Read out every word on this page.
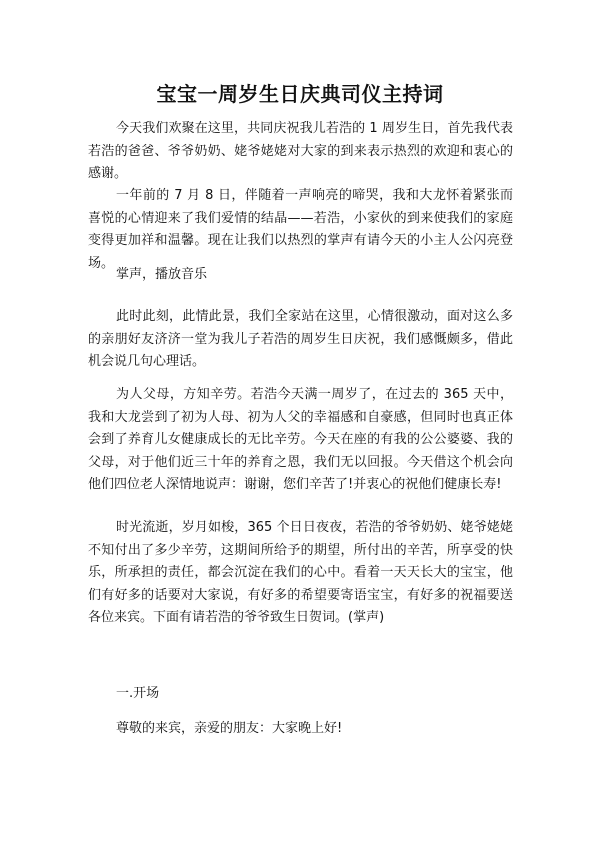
宝宝一周岁生日庆典司仪主持词

今天我们欢聚在这里，共同庆祝我儿若浩的 1 周岁生日，首先我代表若浩的爸爸、爷爷奶奶、姥爷姥姥对大家的到来表示热烈的欢迎和衷心的感谢。

一年前的 7 月 8 日，伴随着一声响亮的啼哭，我和大龙怀着紧张而喜悦的心情迎来了我们爱情的结晶——若浩，小家伙的到来使我们的家庭变得更加祥和温馨。现在让我们以热烈的掌声有请今天的小主人公闪亮登场。

掌声，播放音乐

此时此刻，此情此景，我们全家站在这里，心情很激动，面对这么多的亲朋好友济济一堂为我儿子若浩的周岁生日庆祝，我们感慨颇多，借此机会说几句心理话。

为人父母，方知辛劳。若浩今天满一周岁了，在过去的 365 天中，我和大龙尝到了初为人母、初为人父的幸福感和自豪感，但同时也真正体会到了养育儿女健康成长的无比辛劳。今天在座的有我的公公婆婆、我的父母，对于他们近三十年的养育之恩，我们无以回报。今天借这个机会向他们四位老人深情地说声：谢谢，您们辛苦了!并衷心的祝他们健康长寿!

时光流逝，岁月如梭，365 个日日夜夜，若浩的爷爷奶奶、姥爷姥姥不知付出了多少辛劳，这期间所给予的期望，所付出的辛苦，所享受的快乐，所承担的责任，都会沉淀在我们的心中。看着一天天长大的宝宝，他们有好多的话要对大家说，有好多的希望要寄语宝宝，有好多的祝福要送各位来宾。下面有请若浩的爷爷致生日贺词。(掌声)

一.开场

尊敬的来宾，亲爱的朋友：大家晚上好!
